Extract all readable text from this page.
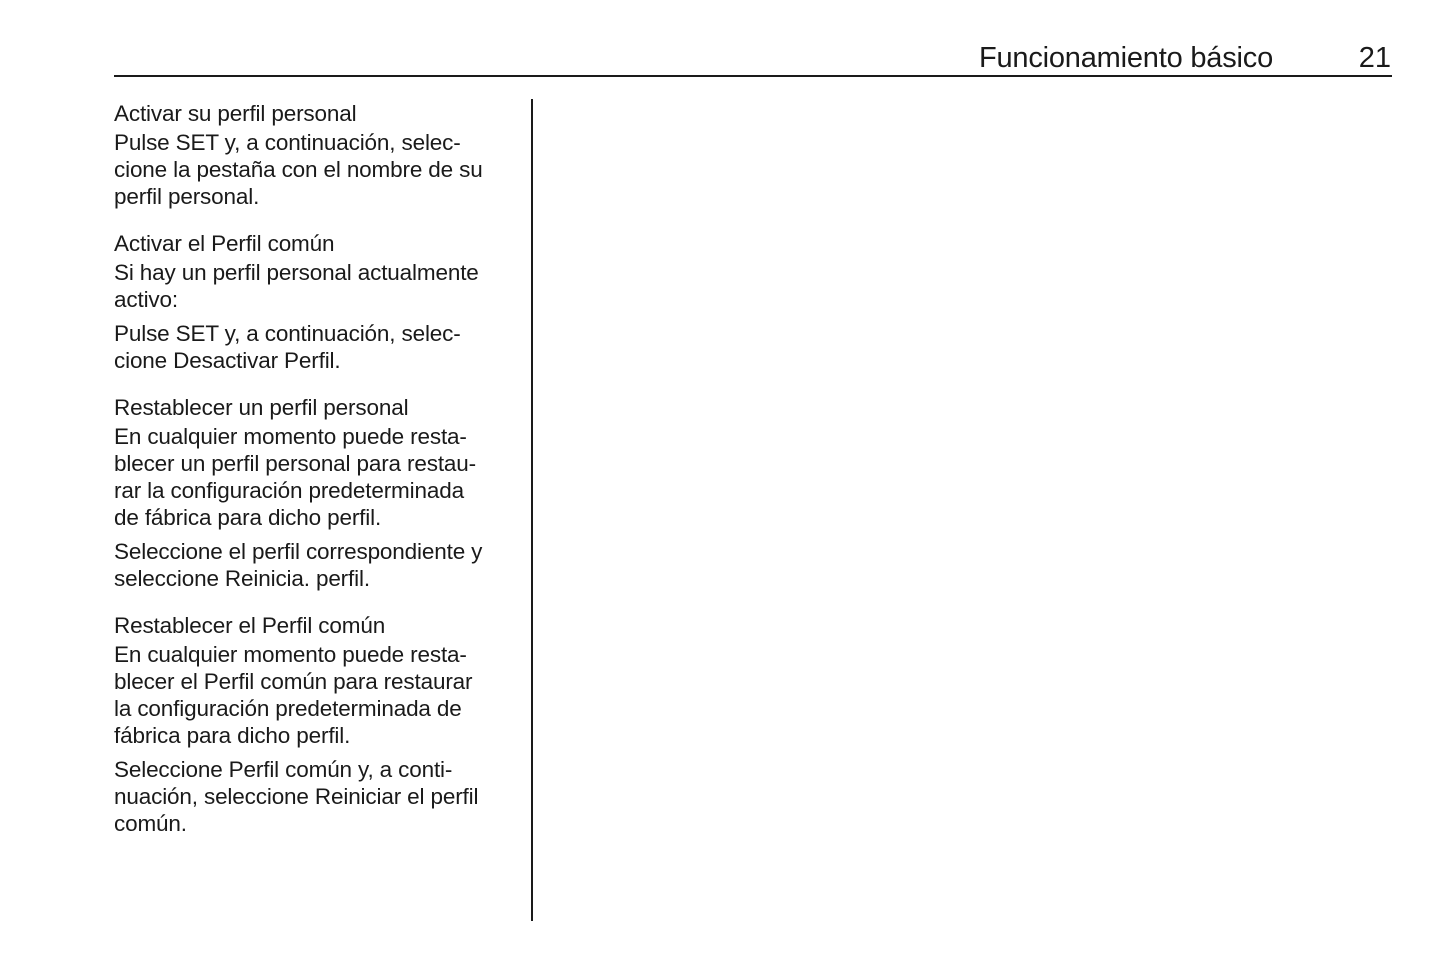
Funcionamiento básico	21
Activar su perfil personal
Pulse SET y, a continuación, selec-
cione la pestaña con el nombre de su
perfil personal.
Activar el Perfil común
Si hay un perfil personal actualmente
activo:
Pulse SET y, a continuación, selec-
cione Desactivar Perfil.
Restablecer un perfil personal
En cualquier momento puede resta-
blecer un perfil personal para restau-
rar la configuración predeterminada
de fábrica para dicho perfil.
Seleccione el perfil correspondiente y
seleccione Reinicia. perfil.
Restablecer el Perfil común
En cualquier momento puede resta-
blecer el Perfil común para restaurar
la configuración predeterminada de
fábrica para dicho perfil.
Seleccione Perfil común y, a conti-
nuación, seleccione Reiniciar el perfil
común.
